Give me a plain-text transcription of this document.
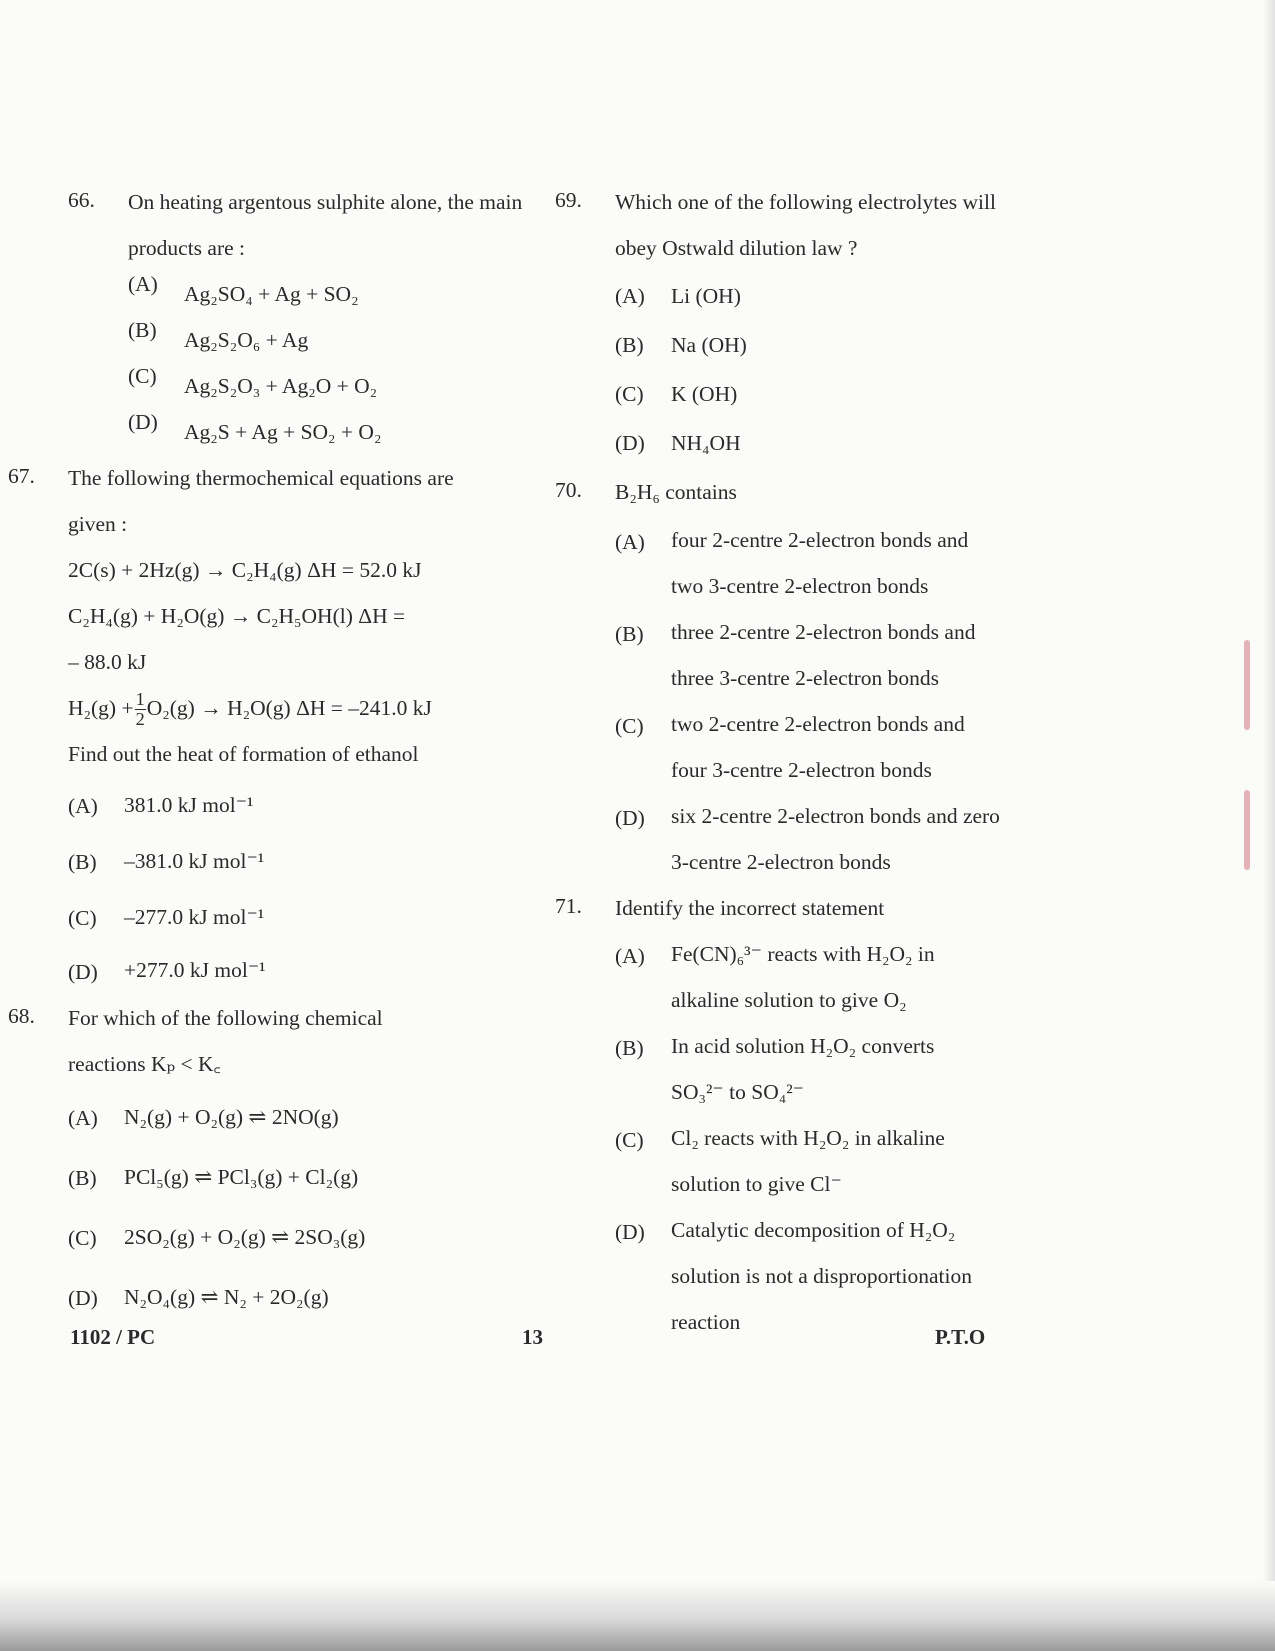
66. On heating argentous sulphite alone, the main
products are :
(A) Ag₂SO₄ + Ag + SO₂
(B) Ag₂S₂O₆ + Ag
(C) Ag₂S₂O₃ + Ag₂O + O₂
(D) Ag₂S + Ag + SO₂ + O₂
67. The following thermochemical equations are
given :
2C(s) + 2Hz(g) → C₂H₄(g) ΔH = 52.0 kJ
C₂H₄(g) + H₂O(g) → C₂H₅OH(l) ΔH =
– 88.0 kJ
$H_2(g) + \frac{1}{2} O_2(g) \to H_2O(g) \Delta H = -241.0$ kJ
Find out the heat of formation of ethanol
(A) 381.0 kJ mol⁻¹
(B) –381.0 kJ mol⁻¹
(C) –277.0 kJ mol⁻¹
(D) +277.0 kJ mol⁻¹
68. For which of the following chemical
reactions Kₚ < K꜀
(A) N₂(g) + O₂(g) ⇌ 2NO(g)
(B) PCl₅(g) ⇌ PCl₃(g) + Cl₂(g)
(C) 2SO₂(g) + O₂(g) ⇌ 2SO₃(g)
(D) N₂O₄(g) ⇌ N₂ + 2O₂(g)
69. Which one of the following electrolytes will
obey Ostwald dilution law ?
(A) Li (OH)
(B) Na (OH)
(C) K (OH)
(D) NH₄OH
70. B₂H₆ contains
(A) four 2-centre 2-electron bonds and
two 3-centre 2-electron bonds
(B) three 2-centre 2-electron bonds and
three 3-centre 2-electron bonds
(C) two 2-centre 2-electron bonds and
four 3-centre 2-electron bonds
(D) six 2-centre 2-electron bonds and zero
3-centre 2-electron bonds
71. Identify the incorrect statement
(A) Fe(CN)₆³⁻ reacts with H₂O₂ in
alkaline solution to give O₂
(B) In acid solution H₂O₂ converts
SO₃²⁻ to SO₄²⁻
(C) Cl₂ reacts with H₂O₂ in alkaline
solution to give Cl⁻
(D) Catalytic decomposition of H₂O₂
solution is not a disproportionation
reaction
1102 / PC	13	P.T.O
